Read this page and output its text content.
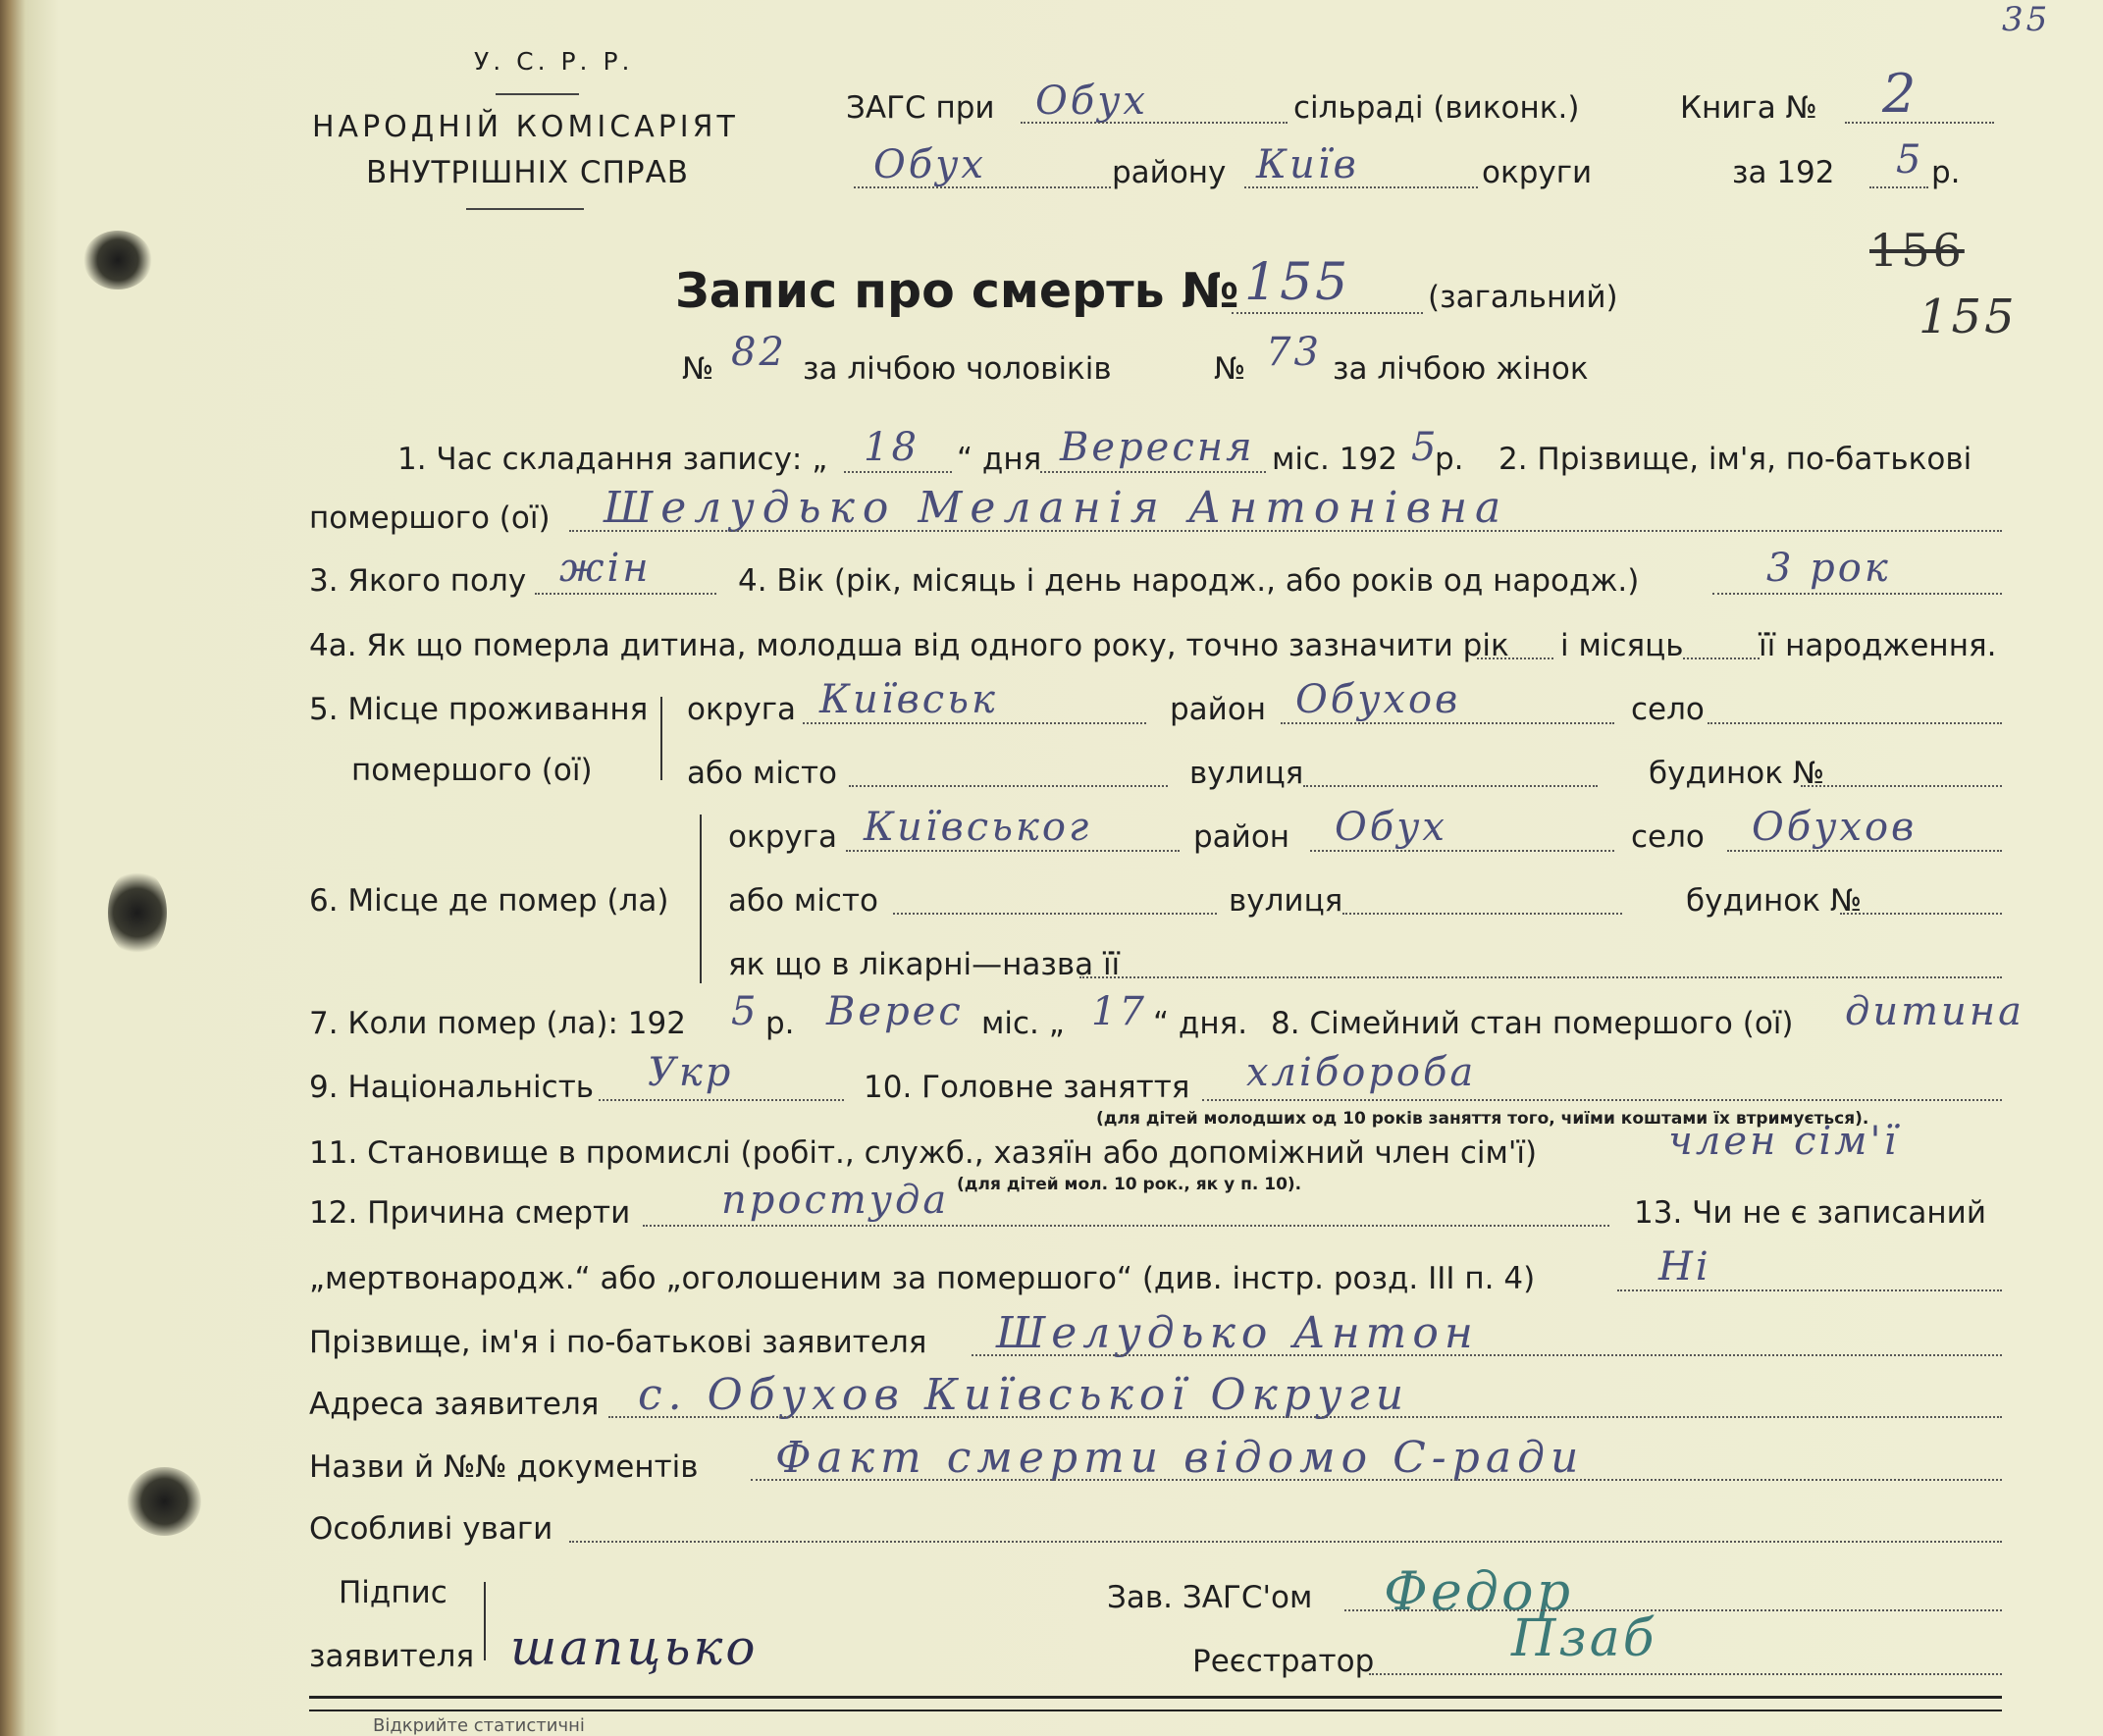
У. С. Р. Р.
НАРОДНІЙ КОМІСАРІЯТ
ВНУТРІШНІХ СПРАВ
ЗАГС при Обух	сільраді (виконк.)
Обух	району Київ	округи
Книга № 2
за 192 5 р.
35
Запис про смерть № 155	(загальний)
156
155
№ 82 за лічбою чоловіків	№ 73 за лічбою жінок
1. Час складання запису: „ 18 “ дня Вересня міс. 192 5
р. 2. Прізвище, ім'я, по-батькові
помершого (ої) Шелудько Меланія Антонівна
3. Якого полу жін	4. Вік (рік, місяць і день народж., або років од народж.)	3 рок
4а. Як що померла дитина, молодша від одного року, точно зазначити рік і місяць її народження.
5. Місце проживання
помершого (ої)
округа Київськ	район Обухов	село
або місто	вулиця	будинок №
6. Місце де помер (ла)
округа Київськог	район Обух	село Обухов
або місто	вулиця	будинок №
як що в лікарні—назва її
7. Коли помер (ла): 192 5 р. Верес міс. „ 17 “ дня. 8. Сімейний стан помершого (ої) дитина
9. Національність Укр	10. Головне заняття хлібороба
(для дітей молодших од 10 років заняття того, чиїми коштами їх втримується).
11. Становище в промислі (робіт., служб., хазяїн або допоміжний член сім'ї)	член сім'ї
(для дітей мол. 10 рок., як у п. 10).
12. Причина смерти простуда	13. Чи не є записаний
„мертвонародж.“ або „оголошеним за помершого“ (див. інстр. розд. III п. 4)	Ні
Прізвище, ім'я і по-батькові заявителя Шелудько Антон
Адреса заявителя с. Обухов Київської Округи
Назви й №№ документів Факт смерти відомо С-ради
Особливі уваги
Підпис
заявителя шапцько
Зав. ЗАГС'ом Федор
Реєстратор	Пзаб
Відкрийте статистичні
